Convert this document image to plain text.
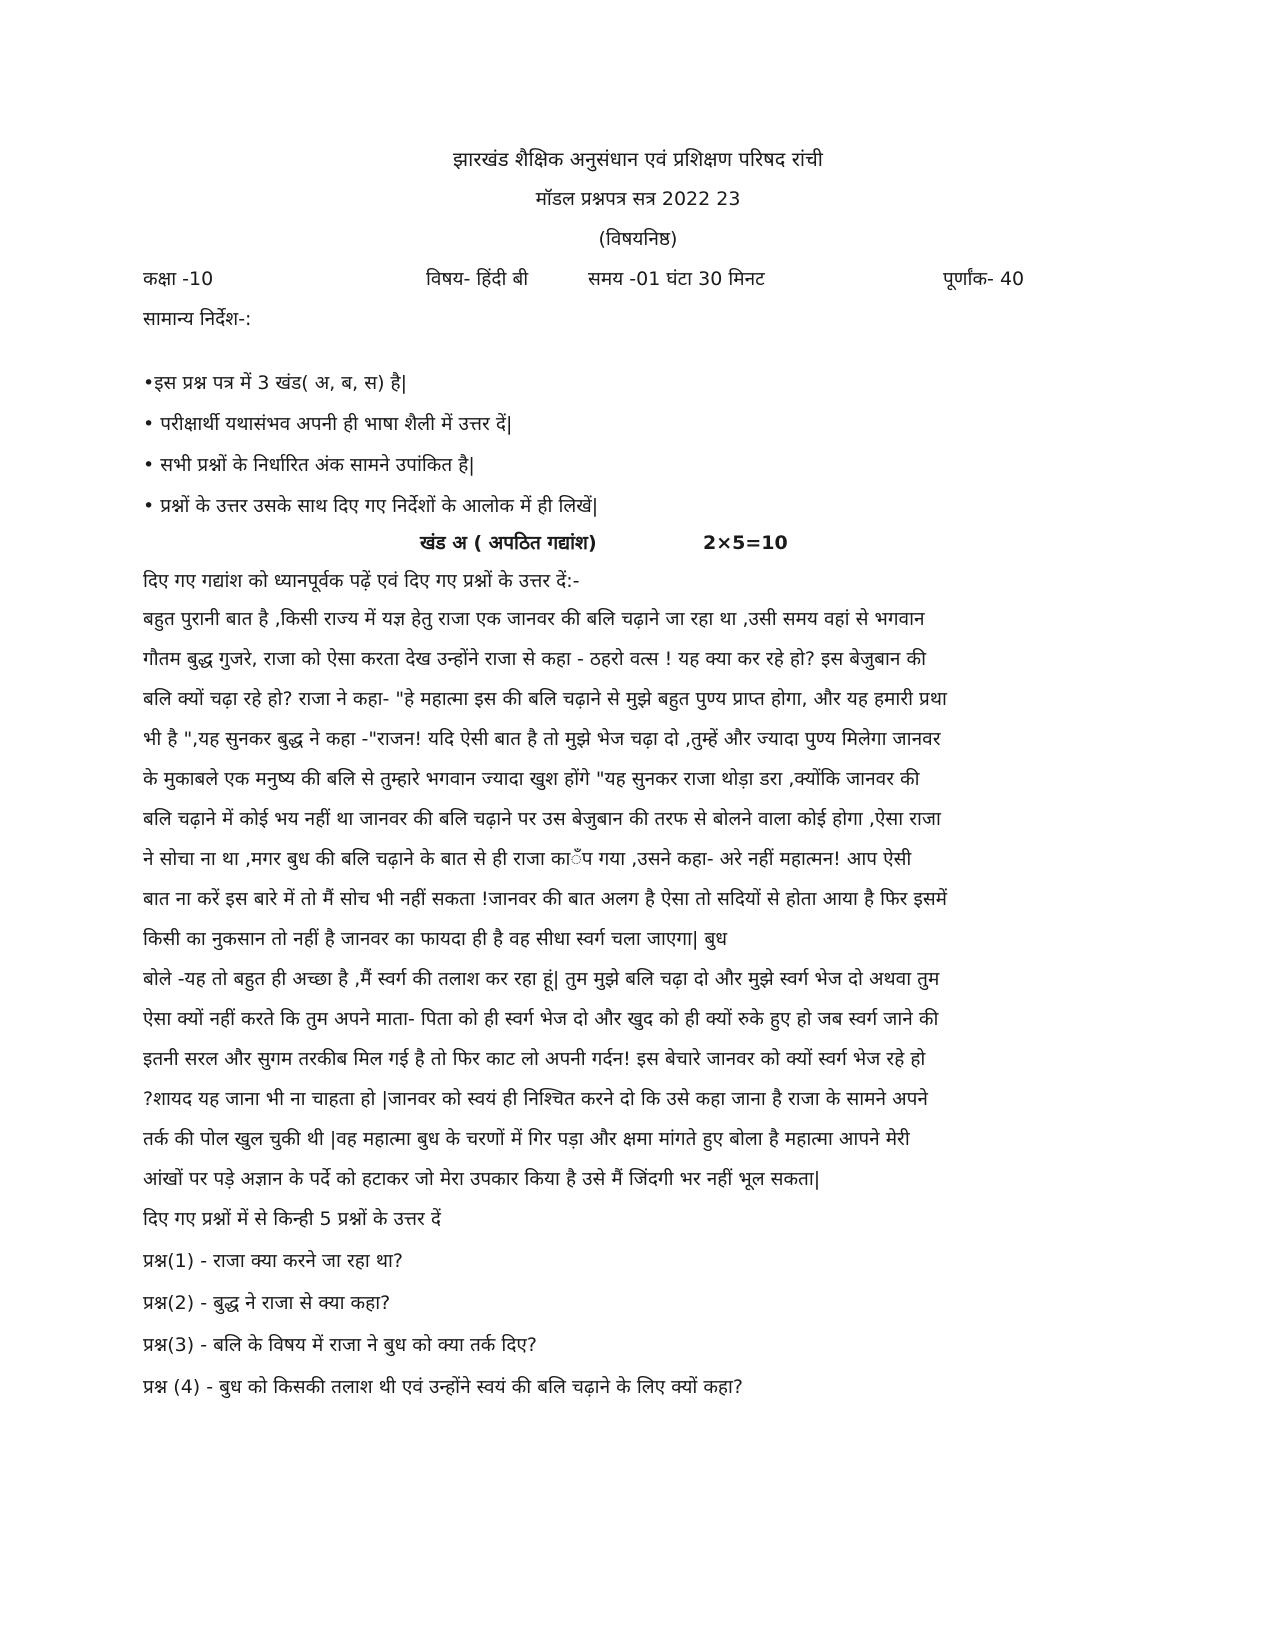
झारखंड शैक्षिक अनुसंधान एवं प्रशिक्षण परिषद रांची
मॉडल प्रश्नपत्र सत्र 2022 23
(विषयनिष्ठ)
कक्षा -10	विषय- हिंदी बी	समय -01 घंटा 30 मिनट	पूर्णांक- 40
सामान्य निर्देश-:
•इस प्रश्न पत्र में 3 खंड( अ, ब, स) है|
• परीक्षार्थी यथासंभव अपनी ही भाषा शैली में उत्तर दें|
• सभी प्रश्नों के निर्धारित अंक सामने उपांकित है|
• प्रश्नों के उत्तर उसके साथ दिए गए निर्देशों के आलोक में ही लिखें|
खंड अ ( अपठित गद्यांश)	2×5=10
दिए गए गद्यांश को ध्यानपूर्वक पढ़ें एवं दिए गए प्रश्नों के उत्तर दें:-
बहुत पुरानी बात है ,किसी राज्य में यज्ञ हेतु राजा एक जानवर की बलि चढ़ाने जा रहा था ,उसी समय वहां से भगवान
गौतम बुद्ध गुजरे, राजा को ऐसा करता देख उन्होंने राजा से कहा - ठहरो वत्स ! यह क्या कर रहे हो? इस बेजुबान की
बलि क्यों चढ़ा रहे हो? राजा ने कहा- "हे महात्मा इस की बलि चढ़ाने से मुझे बहुत पुण्य प्राप्त होगा, और यह हमारी प्रथा
भी है ",यह सुनकर बुद्ध ने कहा -"राजन! यदि ऐसी बात है तो मुझे भेज चढ़ा दो ,तुम्हें और ज्यादा पुण्य मिलेगा जानवर
के मुकाबले एक मनुष्य की बलि से तुम्हारे भगवान ज्यादा खुश होंगे "यह सुनकर राजा थोड़ा डरा ,क्योंकि जानवर की
बलि चढ़ाने में कोई भय नहीं था जानवर की बलि चढ़ाने पर उस बेजुबान की तरफ से बोलने वाला कोई होगा ,ऐसा राजा
ने सोचा ना था ,मगर बुध की बलि चढ़ाने के बात से ही राजा का◌ॅंप गया ,उसने कहा- अरे नहीं महात्मन! आप ऐसी
बात ना करें इस बारे में तो मैं सोच भी नहीं सकता !जानवर की बात अलग है ऐसा तो सदियों से होता आया है फिर इसमें
किसी का नुकसान तो नहीं है जानवर का फायदा ही है वह सीधा स्वर्ग चला जाएगा| बुध
बोले -यह तो बहुत ही अच्छा है ,मैं स्वर्ग की तलाश कर रहा हूं| तुम मुझे बलि चढ़ा दो और मुझे स्वर्ग भेज दो अथवा तुम
ऐसा क्यों नहीं करते कि तुम अपने माता- पिता को ही स्वर्ग भेज दो और खुद को ही क्यों रुके हुए हो जब स्वर्ग जाने की
इतनी सरल और सुगम तरकीब मिल गई है तो फिर काट लो अपनी गर्दन! इस बेचारे जानवर को क्यों स्वर्ग भेज रहे हो
?शायद यह जाना भी ना चाहता हो |जानवर को स्वयं ही निश्चित करने दो कि उसे कहा जाना है राजा के सामने अपने
तर्क की पोल खुल चुकी थी |वह महात्मा बुध के चरणों में गिर पड़ा और क्षमा मांगते हुए बोला है महात्मा आपने मेरी
आंखों पर पड़े अज्ञान के पर्दे को हटाकर जो मेरा उपकार किया है उसे मैं जिंदगी भर नहीं भूल सकता|
दिए गए प्रश्नों में से किन्ही 5 प्रश्नों के उत्तर दें
प्रश्न(1) - राजा क्या करने जा रहा था?
प्रश्न(2) - बुद्ध ने राजा से क्या कहा?
प्रश्न(3) - बलि के विषय में राजा ने बुध को क्या तर्क दिए?
प्रश्न (4) - बुध को किसकी तलाश थी एवं उन्होंने स्वयं की बलि चढ़ाने के लिए क्यों कहा?
